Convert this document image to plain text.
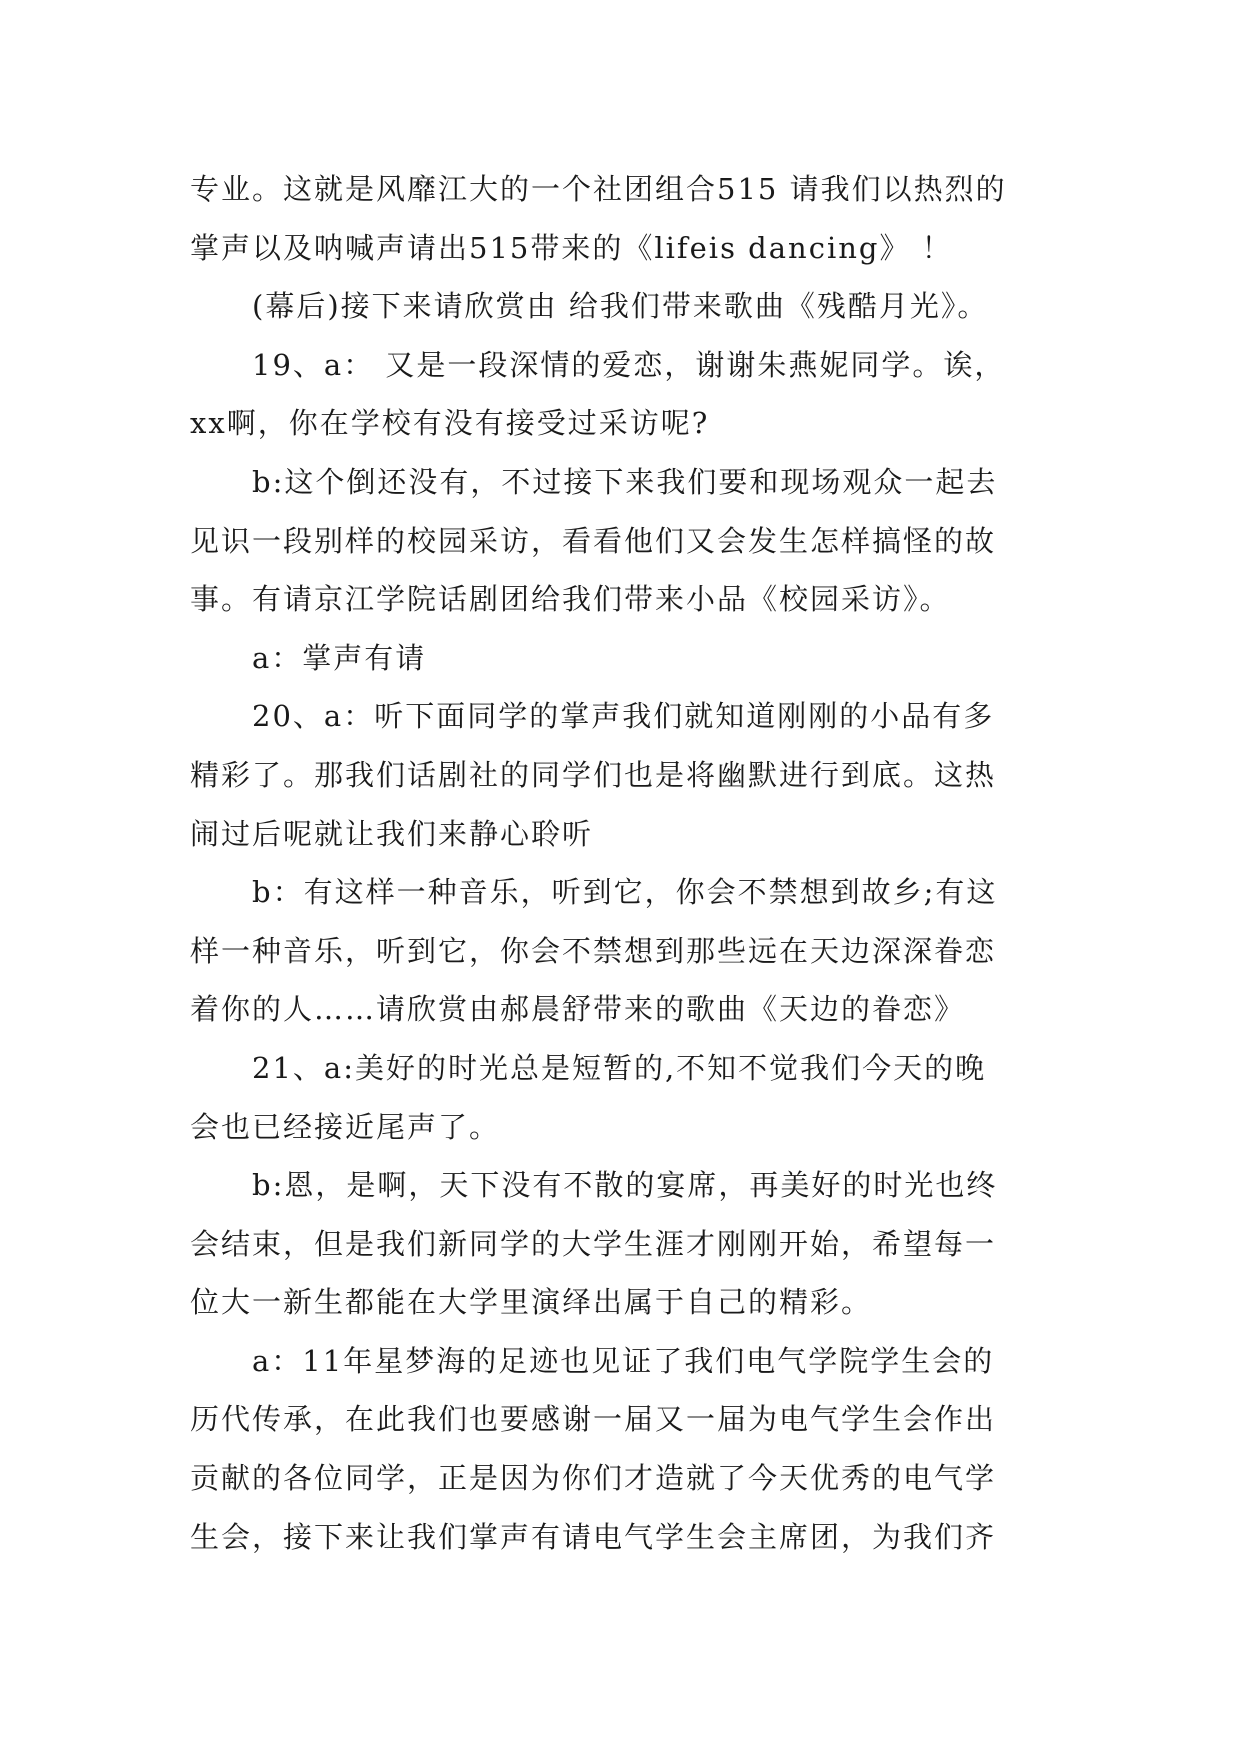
专业。这就是风靡江大的一个社团组合515 请我们以热烈的
掌声以及呐喊声请出515带来的《lifeis dancing》 ！
(幕后)接下来请欣赏由 给我们带来歌曲《残酷月光》。
19、a： 又是一段深情的爱恋，谢谢朱燕妮同学。诶，
xx啊，你在学校有没有接受过采访呢?
b:这个倒还没有，不过接下来我们要和现场观众一起去
见识一段别样的校园采访，看看他们又会发生怎样搞怪的故
事。有请京江学院话剧团给我们带来小品《校园采访》。
a：掌声有请
20、a：听下面同学的掌声我们就知道刚刚的小品有多
精彩了。那我们话剧社的同学们也是将幽默进行到底。这热
闹过后呢就让我们来静心聆听
b：有这样一种音乐，听到它，你会不禁想到故乡;有这
样一种音乐，听到它，你会不禁想到那些远在天边深深眷恋
着你的人……请欣赏由郝晨舒带来的歌曲《天边的眷恋》
21、a:美好的时光总是短暂的,不知不觉我们今天的晚
会也已经接近尾声了。
b:恩，是啊，天下没有不散的宴席，再美好的时光也终
会结束，但是我们新同学的大学生涯才刚刚开始，希望每一
位大一新生都能在大学里演绎出属于自己的精彩。
a：11年星梦海的足迹也见证了我们电气学院学生会的
历代传承，在此我们也要感谢一届又一届为电气学生会作出
贡献的各位同学，正是因为你们才造就了今天优秀的电气学
生会，接下来让我们掌声有请电气学生会主席团，为我们齐
